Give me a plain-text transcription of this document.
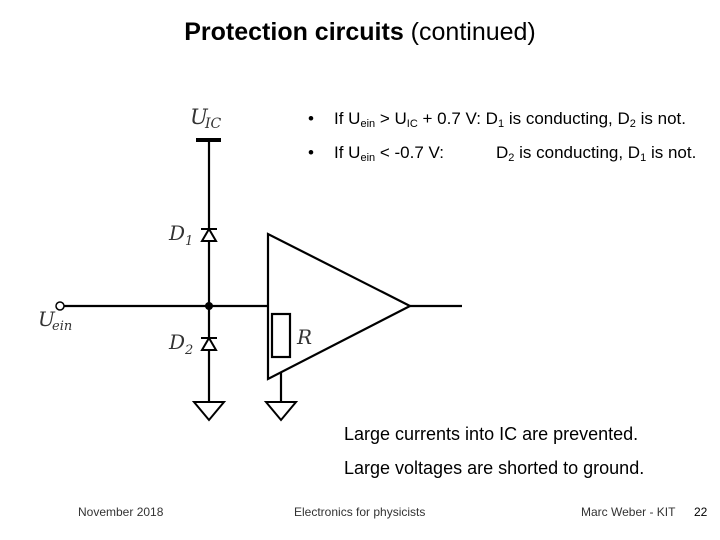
Protection circuits (continued)
• If $U_{ein} > U_{IC} + 0.7$ V: $D_1$ is conducting, $D_2$ is not.
• If $U_{ein} < -0.7$ V:	$D_2$ is conducting, $D_1$ is not.
U
IC
D 1
D 2
U
ein	R
Large currents into IC are prevented.
Large voltages are shorted to ground.
November 2018	Electronics for physicists	Marc Weber - KIT 22
